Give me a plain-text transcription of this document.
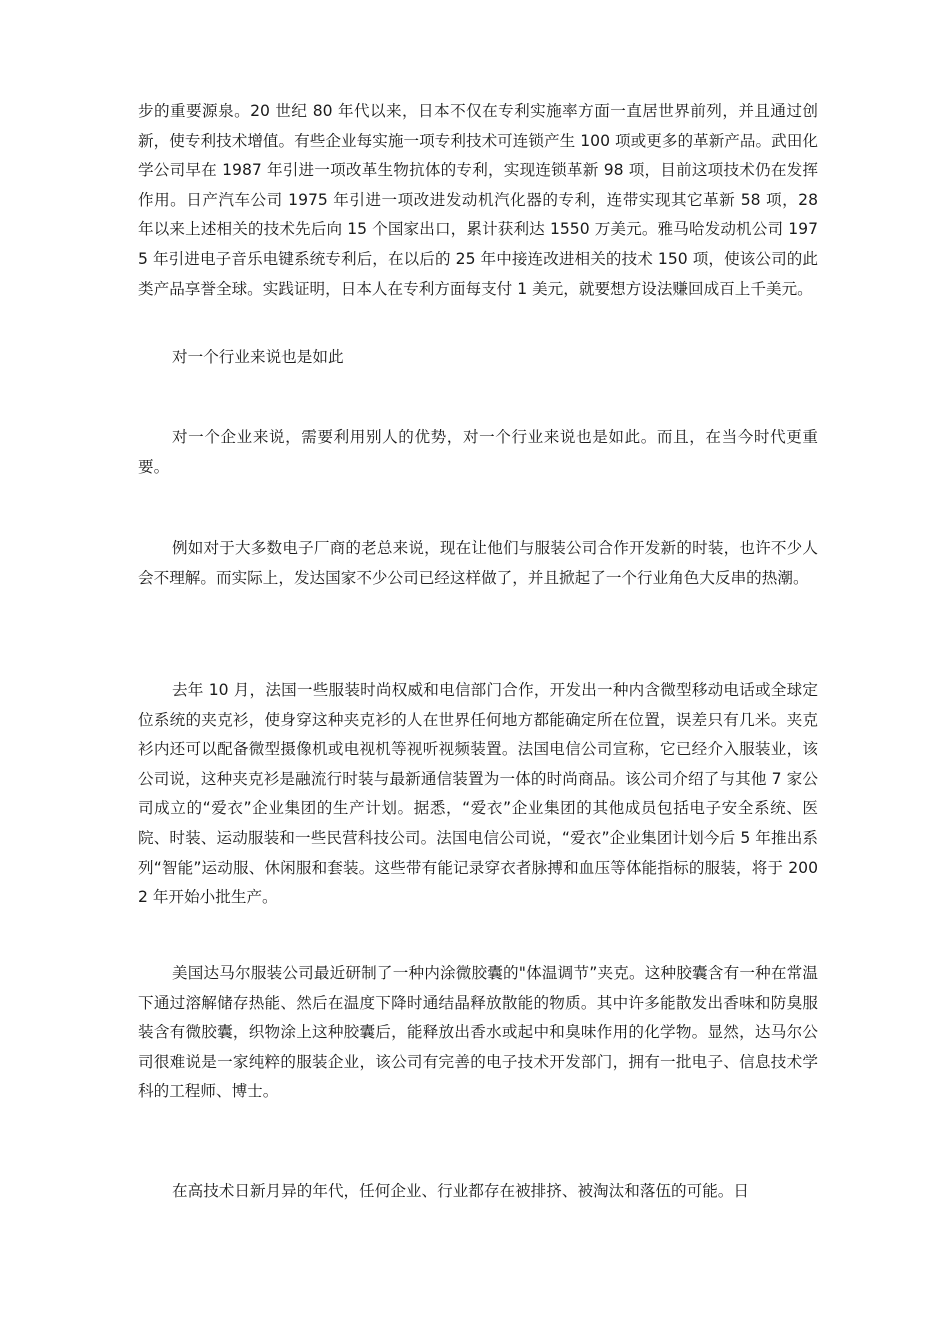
步的重要源泉。20 世纪 80 年代以来，日本不仅在专利实施率方面一直居世界前列，并且通过创新，使专利技术增值。有些企业每实施一项专利技术可连锁产生 100 项或更多的革新产品。武田化学公司早在 1987 年引进一项改革生物抗体的专利，实现连锁革新 98 项，目前这项技术仍在发挥作用。日产汽车公司 1975 年引进一项改进发动机汽化器的专利，连带实现其它革新 58 项，28 年以来上述相关的技术先后向 15 个国家出口，累计获利达 1550 万美元。雅马哈发动机公司 1975 年引进电子音乐电键系统专利后，在以后的 25 年中接连改进相关的技术 150 项，使该公司的此类产品享誉全球。实践证明，日本人在专利方面每支付 1 美元，就要想方设法赚回成百上千美元。

对一个行业来说也是如此

对一个企业来说，需要利用别人的优势，对一个行业来说也是如此。而且，在当今时代更重要。

例如对于大多数电子厂商的老总来说，现在让他们与服装公司合作开发新的时装，也许不少人会不理解。而实际上，发达国家不少公司已经这样做了，并且掀起了一个行业角色大反串的热潮。

去年 10 月，法国一些服装时尚权威和电信部门合作，开发出一种内含微型移动电话或全球定位系统的夹克衫，使身穿这种夹克衫的人在世界任何地方都能确定所在位置，误差只有几米。夹克衫内还可以配备微型摄像机或电视机等视听视频装置。法国电信公司宣称，它已经介入服装业，该公司说，这种夹克衫是融流行时装与最新通信装置为一体的时尚商品。该公司介绍了与其他 7 家公司成立的“爱衣”企业集团的生产计划。据悉，“爱衣”企业集团的其他成员包括电子安全系统、医院、时装、运动服装和一些民营科技公司。法国电信公司说，“爱衣”企业集团计划今后 5 年推出系列“智能”运动服、休闲服和套装。这些带有能记录穿衣者脉搏和血压等体能指标的服装，将于 2002 年开始小批生产。

美国达马尔服装公司最近研制了一种内涂微胶囊的"体温调节”夹克。这种胶囊含有一种在常温下通过溶解储存热能、然后在温度下降时通结晶释放散能的物质。其中许多能散发出香味和防臭服装含有微胶囊，织物涂上这种胶囊后，能释放出香水或起中和臭味作用的化学物。显然，达马尔公司很难说是一家纯粹的服装企业，该公司有完善的电子技术开发部门，拥有一批电子、信息技术学科的工程师、博士。

在高技术日新月异的年代，任何企业、行业都存在被排挤、被淘汰和落伍的可能。日
